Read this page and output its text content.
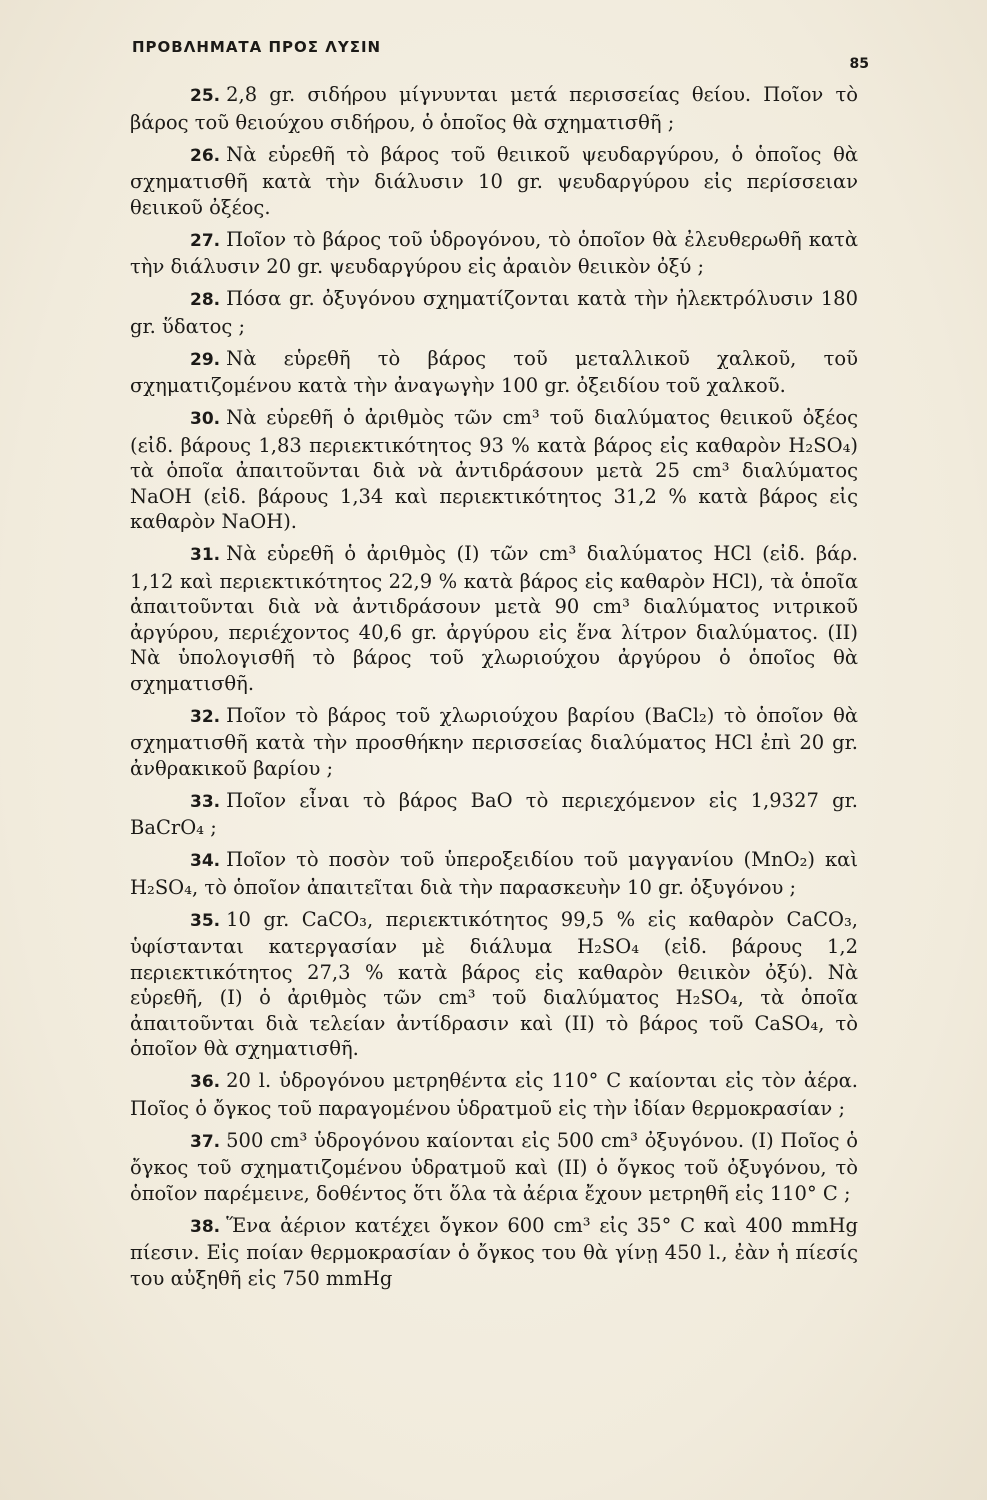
ΠΡΟΒΛΗΜΑΤΑ ΠΡΟΣ ΛΥΣΙΝ
85

25. 2,8 gr. σιδήρου μίγνυνται μετά περισσείας θείου. Ποῖον τὸ βάρος τοῦ θειούχου σιδήρου, ὁ ὁποῖος θὰ σχηματισθῆ ;

26. Νὰ εὑρεθῆ τὸ βάρος τοῦ θειικοῦ ψευδαργύρου, ὁ ὁποῖος θὰ σχηματισθῆ κατὰ τὴν διάλυσιν 10 gr. ψευδαργύρου εἰς περίσσειαν θειικοῦ ὀξέος.

27. Ποῖον τὸ βάρος τοῦ ὑδρογόνου, τὸ ὁποῖον θὰ ἐλευθερωθῆ κατὰ τὴν διάλυσιν 20 gr. ψευδαργύρου εἰς ἀραιὸν θειικὸν ὀξύ ;

28. Πόσα gr. ὀξυγόνου σχηματίζονται κατὰ τὴν ἠλεκτρόλυσιν 180 gr. ὕδατος ;

29. Νὰ εὑρεθῆ τὸ βάρος τοῦ μεταλλικοῦ χαλκοῦ, τοῦ σχηματιζομένου κατὰ τὴν ἀναγωγὴν 100 gr. ὀξειδίου τοῦ χαλκοῦ.

30. Νὰ εὑρεθῆ ὁ ἀριθμὸς τῶν cm³ τοῦ διαλύματος θειικοῦ ὀξέος (εἰδ. βάρους 1,83 περιεκτικότητος 93 % κατὰ βάρος εἰς καθαρὸν H₂SO₄) τὰ ὁποῖα ἀπαιτοῦνται διὰ νὰ ἀντιδράσουν μετὰ 25 cm³ διαλύματος NaOH (εἰδ. βάρους 1,34 καὶ περιεκτικότητος 31,2 % κατὰ βάρος εἰς καθαρὸν NaOH).

31. Νὰ εὑρεθῆ ὁ ἀριθμὸς (I) τῶν cm³ διαλύματος HCl (εἰδ. βάρ. 1,12 καὶ περιεκτικότητος 22,9 % κατὰ βάρος εἰς καθαρὸν HCl), τὰ ὁποῖα ἀπαιτοῦνται διὰ νὰ ἀντιδράσουν μετὰ 90 cm³ διαλύματος νιτρικοῦ ἀργύρου, περιέχοντος 40,6 gr. ἀργύρου εἰς ἕνα λίτρον διαλύματος. (II) Νὰ ὑπολογισθῆ τὸ βάρος τοῦ χλωριούχου ἀργύρου ὁ ὁποῖος θὰ σχηματισθῆ.

32. Ποῖον τὸ βάρος τοῦ χλωριούχου βαρίου (BaCl₂) τὸ ὁποῖον θὰ σχηματισθῆ κατὰ τὴν προσθήκην περισσείας διαλύματος HCl ἐπὶ 20 gr. ἀνθρακικοῦ βαρίου ;

33. Ποῖον εἶναι τὸ βάρος BaO τὸ περιεχόμενον εἰς 1,9327 gr. BaCrO₄ ;

34. Ποῖον τὸ ποσὸν τοῦ ὑπεροξειδίου τοῦ μαγγανίου (MnO₂) καὶ H₂SO₄, τὸ ὁποῖον ἀπαιτεῖται διὰ τὴν παρασκευὴν 10 gr. ὀξυγόνου ;

35. 10 gr. CaCO₃, περιεκτικότητος 99,5 % εἰς καθαρὸν CaCO₃, ὑφίστανται κατεργασίαν μὲ διάλυμα H₂SO₄ (εἰδ. βάρους 1,2 περιεκτικότητος 27,3 % κατὰ βάρος εἰς καθαρὸν θειικὸν ὀξύ). Νὰ εὑρεθῆ, (I) ὁ ἀριθμὸς τῶν cm³ τοῦ διαλύματος H₂SO₄, τὰ ὁποῖα ἀπαιτοῦνται διὰ τελείαν ἀντίδρασιν καὶ (II) τὸ βάρος τοῦ CaSO₄, τὸ ὁποῖον θὰ σχηματισθῆ.

36. 20 l. ὑδρογόνου μετρηθέντα εἰς 110° C καίονται εἰς τὸν ἀέρα. Ποῖος ὁ ὄγκος τοῦ παραγομένου ὑδρατμοῦ εἰς τὴν ἰδίαν θερμοκρασίαν ;

37. 500 cm³ ὑδρογόνου καίονται εἰς 500 cm³ ὀξυγόνου. (I) Ποῖος ὁ ὄγκος τοῦ σχηματιζομένου ὑδρατμοῦ καὶ (II) ὁ ὄγκος τοῦ ὀξυγόνου, τὸ ὁποῖον παρέμεινε, δοθέντος ὅτι ὅλα τὰ ἀέρια ἔχουν μετρηθῆ εἰς 110° C ;

38. Ἕνα ἀέριον κατέχει ὄγκον 600 cm³ εἰς 35° C καὶ 400 mmHg πίεσιν. Εἰς ποίαν θερμοκρασίαν ὁ ὄγκος του θὰ γίνῃ 450 l., ἐὰν ἡ πίεσίς του αὐξηθῆ εἰς 750 mmHg
